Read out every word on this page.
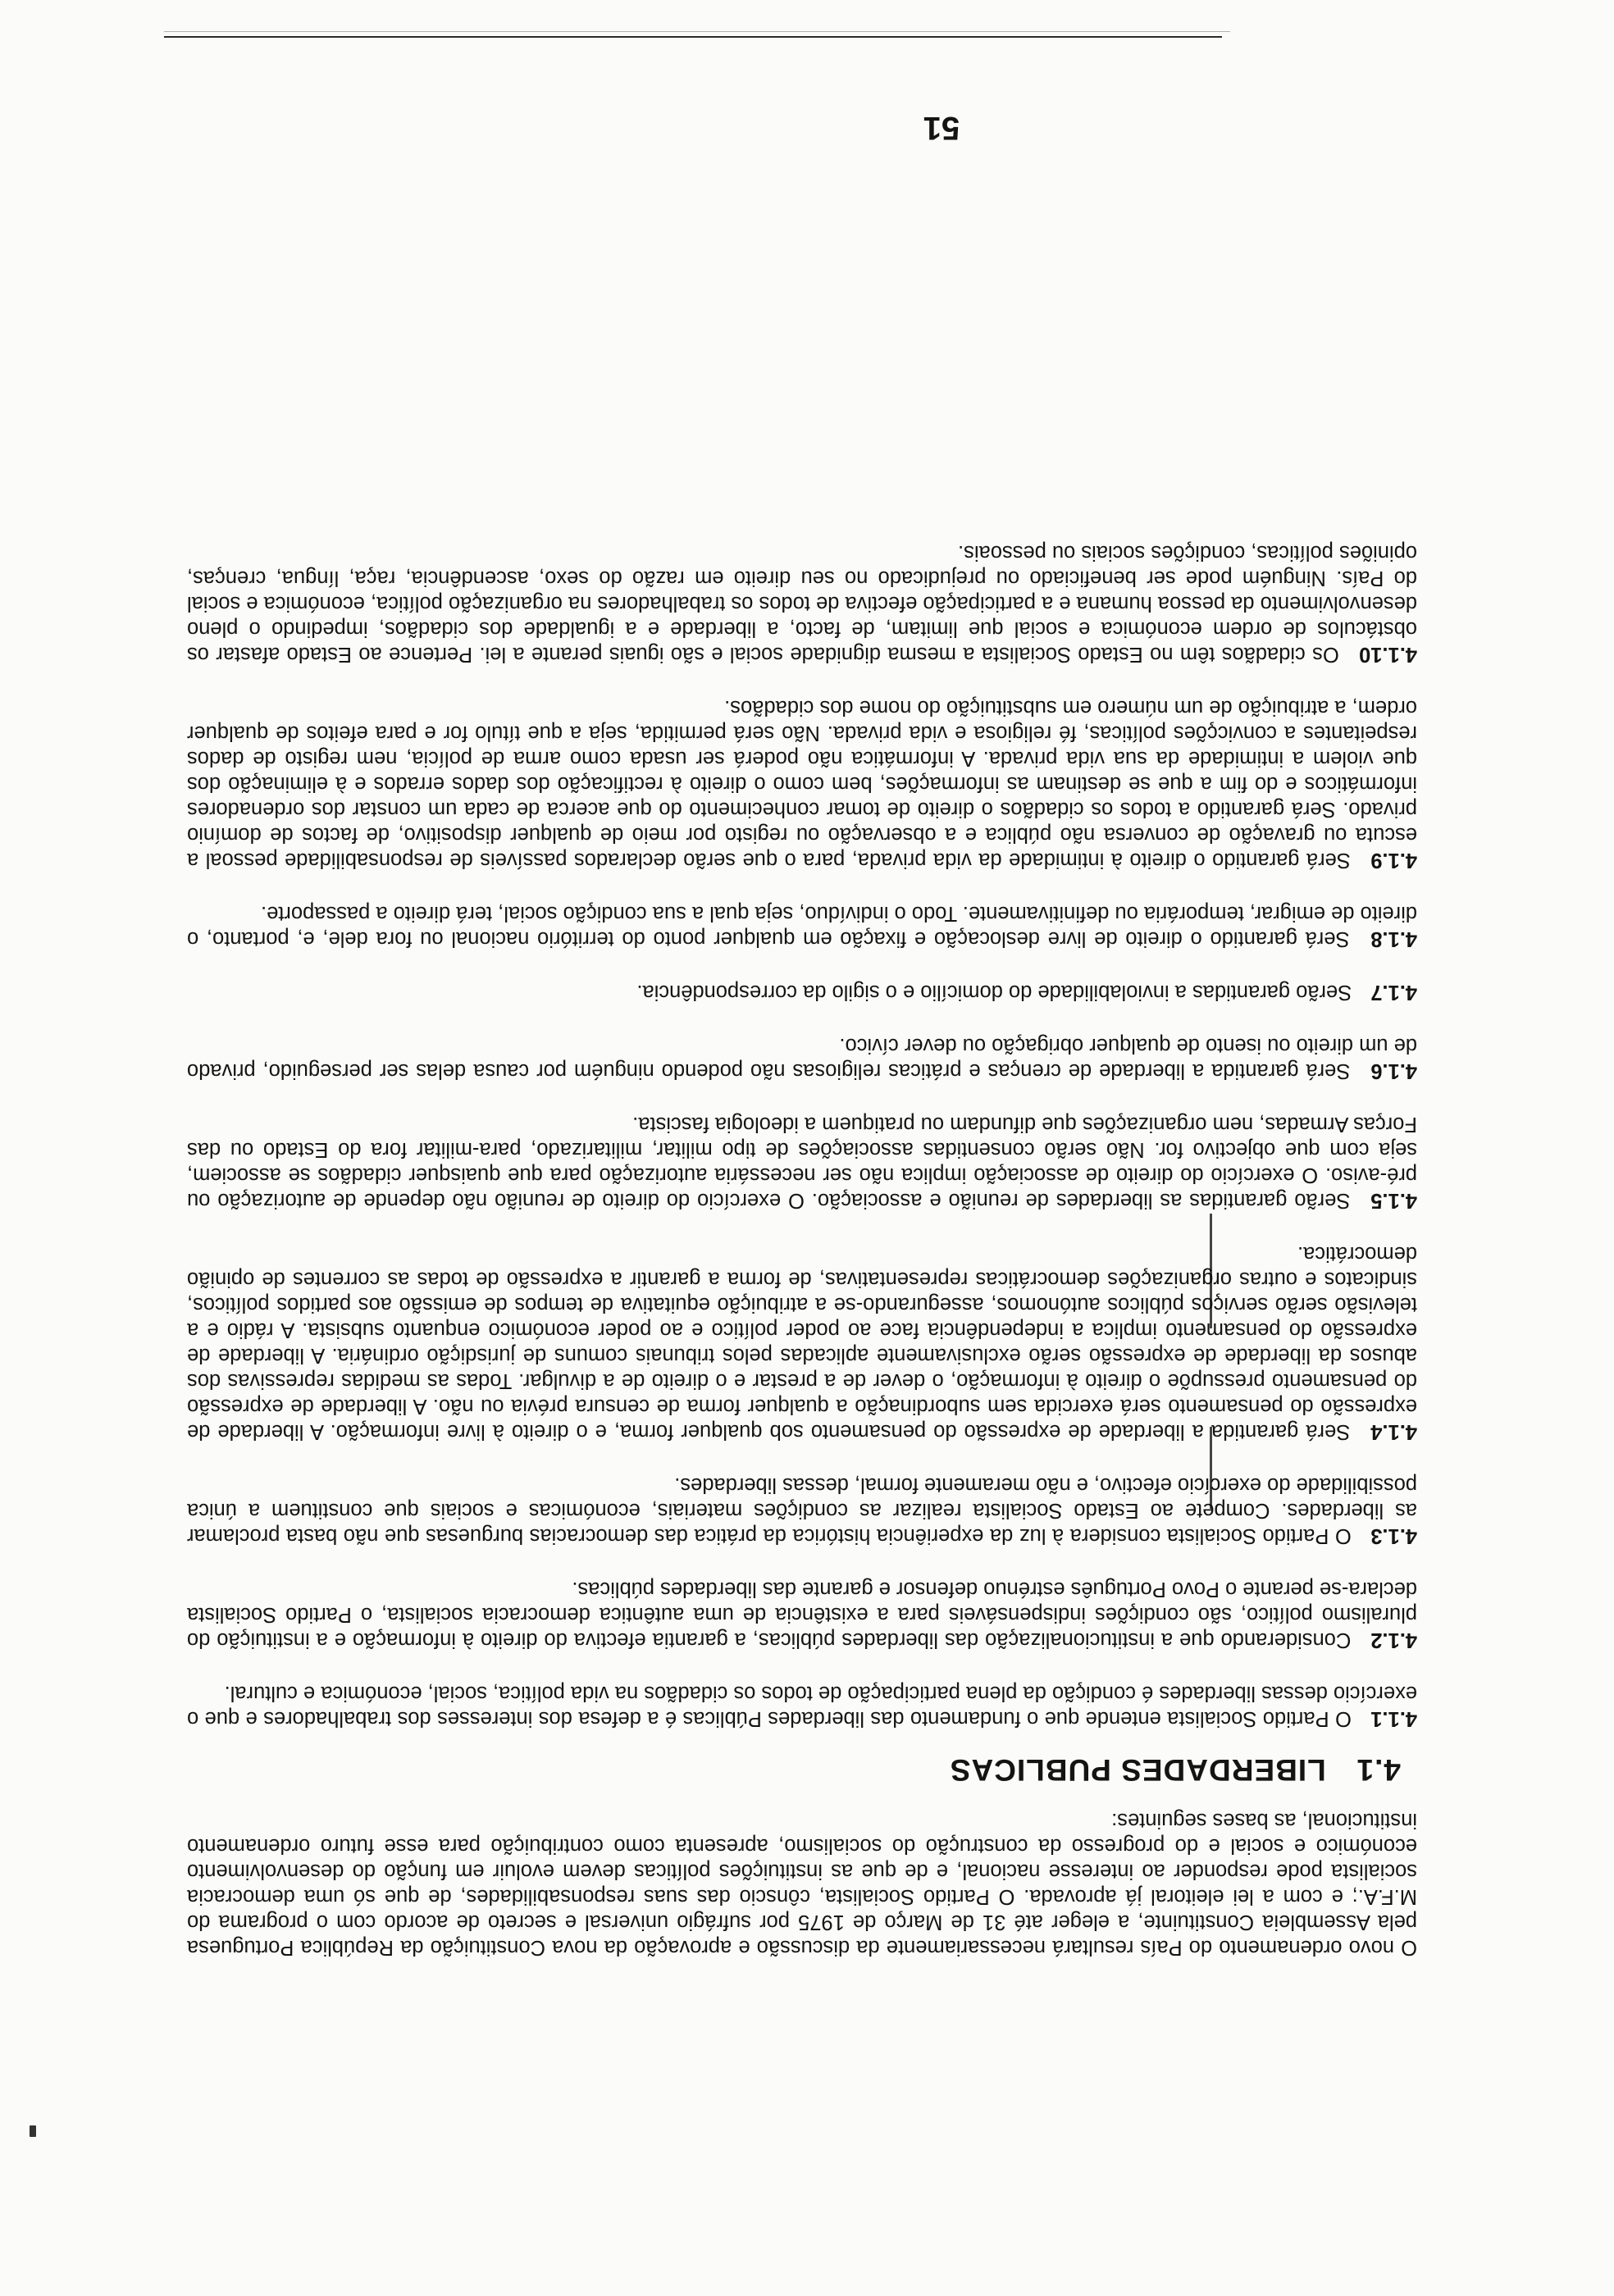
O novo ordenamento do País resultará necessariamente da discussão e aprovação da nova Constituição da República Portuguesa pela Assembleia Constituinte, a eleger até 31 de Março de 1975 por sufrágio universal e secreto de acordo com o programa do M.F.A.; e com a lei eleitoral já aprovada. O Partido Socialista, cônscio das suas responsabilidades, de que só uma democracia socialista pode responder ao interesse nacional, e de que as instituições políticas devem evoluir em função do desenvolvimento económico e social e do progresso da construção do socialismo, apresenta como contribuição para esse futuro ordenamento institucional, as bases seguintes:

4.1 LIBERDADES PUBLICAS

4.1.1 O Partido Socialista entende que o fundamento das liberdades Públicas é a defesa dos interesses dos trabalhadores e que o exercício dessas liberdades é condição da plena participação de todos os cidadãos na vida política, social, económica e cultural.

4.1.2 Considerando que a institucionalização das liberdades públicas, a garantia efectiva do direito à informação e a instituição do pluralismo político, são condições indispensáveis para a existência de uma autêntica democracia socialista, o Partido Socialista declara-se perante o Povo Português estrénuo defensor e garante das liberdades públicas.

4.1.3 O Partido Socialista considera à luz da experiência histórica da prática das democracias burguesas que não basta proclamar as liberdades. Compete ao Estado Socialista realizar as condições materiais, económicas e sociais que constituem a única possibilidade do exercício efectivo, e não meramente formal, dessas liberdades.

4.1.4 Será garantida a liberdade de expressão do pensamento sob qualquer forma, e o direito à livre informação. A liberdade de expressão do pensamento será exercida sem subordinação a qualquer forma de censura prévia ou não. A liberdade de expressão do pensamento pressupõe o direito à informação, o dever de a prestar e o direito de a divulgar. Todas as medidas repressivas dos abusos da liberdade de expressão serão exclusivamente aplicadas pelos tribunais comuns de jurisdição ordinária. A liberdade de expressão do pensamento implica a independência face ao poder político e ao poder económico enquanto subsista. A rádio e a televisão serão serviços públicos autónomos, assegurando-se a atribuição equitativa de tempos de emissão aos partidos políticos, sindicatos e outras organizações democráticas representativas, de forma a garantir a expressão de todas as correntes de opinião democrática.

4.1.5 Serão garantidas as liberdades de reunião e associação. O exercício do direito de reunião não depende de autorização ou pré-aviso. O exercício do direito de associação implica não ser necessária autorização para que quaisquer cidadãos se associem, seja com que objectivo for. Não serão consentidas associações de tipo militar, militarizado, para-militar fora do Estado ou das Forças Armadas, nem organizações que difundam ou pratiquem a ideologia fascista.

4.1.6 Será garantida a liberdade de crenças e práticas religiosas não podendo ninguém por causa delas ser perseguido, privado de um direito ou isento de qualquer obrigação ou dever cívico.

4.1.7 Serão garantidas a inviolabilidade do domicílio e o sigilo da correspondência.

4.1.8 Será garantido o direito de livre deslocação e fixação em qualquer ponto do território nacional ou fora dele, e, portanto, o direito de emigrar, temporária ou definitivamente. Todo o indivíduo, seja qual a sua condição social, terá direito a passaporte.

4.1.9 Será garantido o direito à intimidade da vida privada, para o que serão declarados passíveis de responsabilidade pessoal a escuta ou gravação de conversa não pública e a observação ou registo por meio de qualquer dispositivo, de factos de domínio privado. Será garantido a todos os cidadãos o direito de tomar conhecimento do que acerca de cada um constar dos ordenadores informáticos e do fim a que se destinam as informações, bem como o direito à rectificação dos dados errados e à eliminação dos que violem a intimidade da sua vida privada. A informática não poderá ser usada como arma de polícia, nem registo de dados respeitantes a convicções políticas, fé religiosa e vida privada. Não será permitida, seja a que título for e para efeitos de qualquer ordem, a atribuição de um número em substituição do nome dos cidadãos.

4.1.10 Os cidadãos têm no Estado Socialista a mesma dignidade social e são iguais perante a lei. Pertence ao Estado afastar os obstáculos de ordem económica e social que limitam, de facto, a liberdade e a igualdade dos cidadãos, impedindo o pleno desenvolvimento da pessoa humana e a participação efectiva de todos os trabalhadores na organização política, económica e social do País. Ninguém pode ser beneficiado ou prejudicado no seu direito em razão do sexo, ascendência, raça, língua, crenças, opiniões políticas, condições sociais ou pessoais.

51
